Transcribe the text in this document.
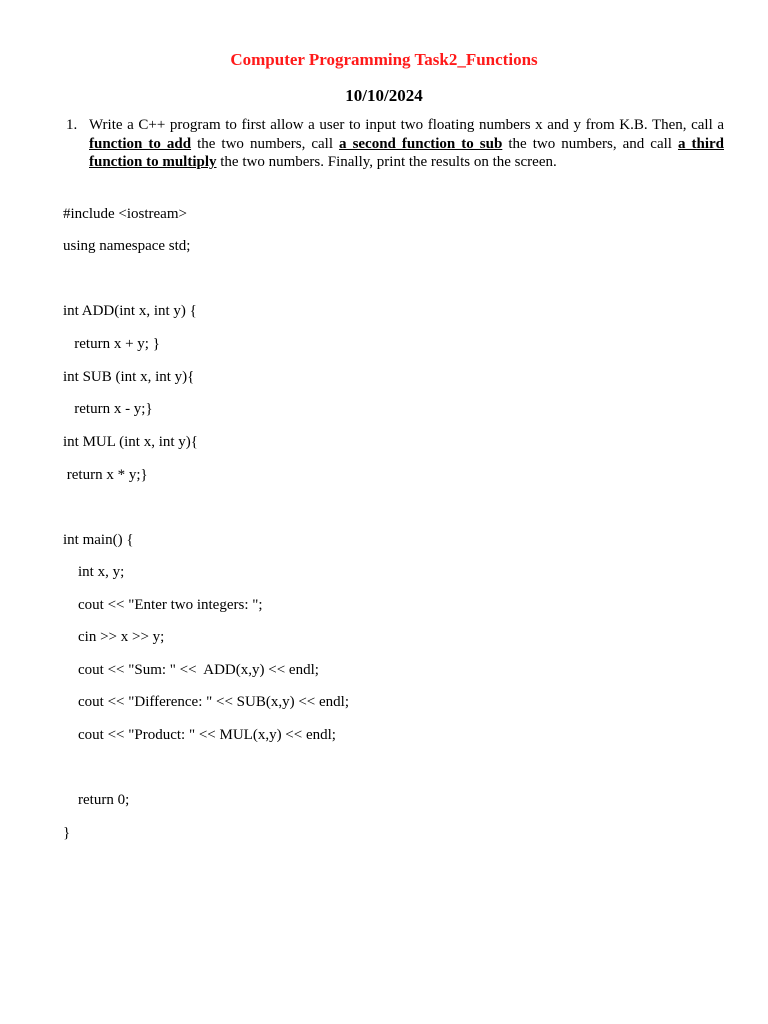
Computer Programming Task2_Functions
10/10/2024
1. Write a C++ program to first allow a user to input two floating numbers x and y from K.B. Then, call a function to add the two numbers, call a second function to sub the two numbers, and call a third function to multiply the two numbers. Finally, print the results on the screen.
#include <iostream>
using namespace std;
int ADD(int x, int y) {
return x + y; }
int SUB (int x, int y){
return x - y;}
int MUL (int x, int y){
return x * y;}
int main() {
int x, y;
cout << "Enter two integers: ";
cin >> x >> y;
cout << "Sum: " <<  ADD(x,y) << endl;
cout << "Difference: " << SUB(x,y) << endl;
cout << "Product: " << MUL(x,y) << endl;
return 0;
}
